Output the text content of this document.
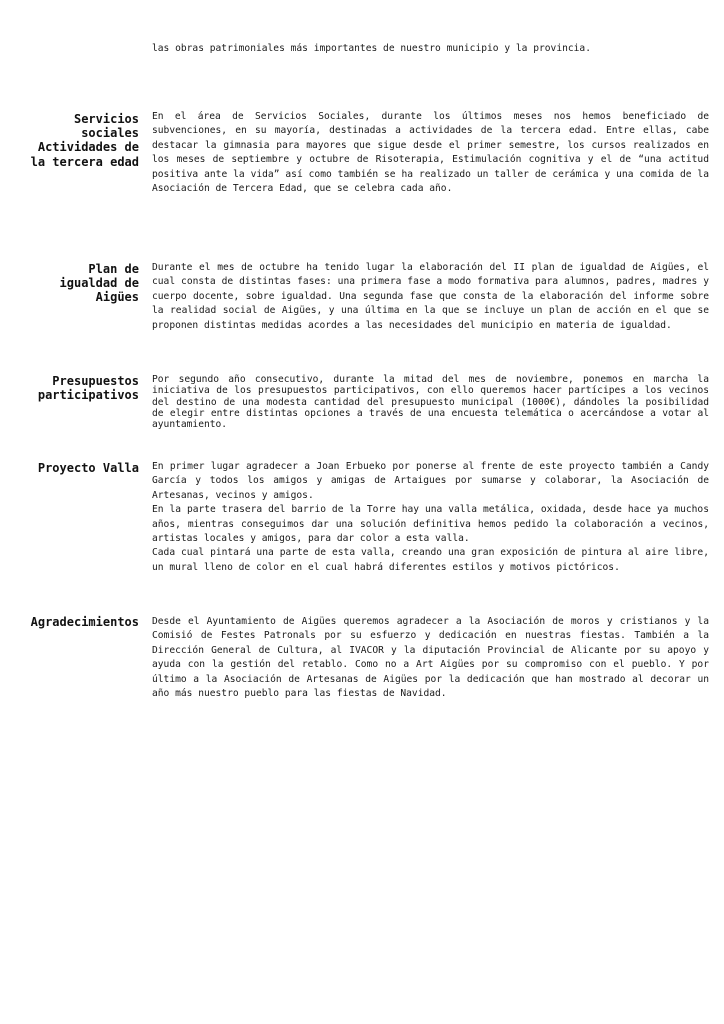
las obras patrimoniales más importantes de nuestro municipio y la provincia.
Servicios
sociales
Actividades de
la tercera edad

En el área de Servicios Sociales, durante los últimos meses nos hemos beneficiado de subvenciones, en su mayoría, destinadas a actividades de la tercera edad. Entre ellas, cabe destacar la gimnasia para mayores que sigue desde el primer semestre, los cursos realizados en los meses de septiembre y octubre de Risoterapia, Estimulación cognitiva y el de “una actitud positiva ante la vida” así como también se ha realizado un taller de cerámica y una comida de la Asociación de Tercera Edad, que se celebra cada año.

Plan de
igualdad de
Aigües

Durante el mes de octubre ha tenido lugar la elaboración del II plan de igualdad de Aigües, el cual consta de distintas fases: una primera fase a modo formativa para alumnos, padres, madres y cuerpo docente, sobre igualdad. Una segunda fase que consta de la elaboración del informe sobre la realidad social de Aigües, y una última en la que se incluye un plan de acción en el que se proponen distintas medidas acordes a las necesidades del municipio en materia de igualdad.

Presupuestos
participativos

Por segundo año consecutivo, durante la mitad del mes de noviembre, ponemos en marcha la iniciativa de los presupuestos participativos, con ello queremos hacer partícipes a los vecinos del destino de una modesta cantidad del presupuesto municipal (1000€), dándoles la posibilidad de elegir entre distintas opciones a través de una encuesta telemática o acercándose a votar al ayuntamiento.

Proyecto Valla En primer lugar agradecer a Joan Erbueko por ponerse al frente de este proyecto también a Candy García y todos los amigos y amigas de Artaigues por sumarse y colaborar, la Asociación de Artesanas, vecinos y amigos.

En la parte trasera del barrio de la Torre hay una valla metálica, oxidada, desde hace ya muchos años, mientras conseguimos dar una solución definitiva hemos pedido la colaboración a vecinos, artistas locales y amigos, para dar color a esta valla.

Cada cual pintará una parte de esta valla, creando una gran exposición de pintura al aire libre, un mural lleno de color en el cual habrá diferentes estilos y motivos pictóricos.

Agradecimientos Desde el Ayuntamiento de Aigües queremos agradecer a la Asociación de moros y cristianos y la Comisió de Festes Patronals por su esfuerzo y dedicación en nuestras fiestas. También a la Dirección General de Cultura, al IVACOR y la diputación Provincial de Alicante por su apoyo y ayuda con la gestión del retablo. Como no a Art Aigües por su compromiso con el pueblo. Y por último a la Asociación de Artesanas de Aigües por la dedicación que han mostrado al decorar un año más nuestro pueblo para las fiestas de Navidad.
